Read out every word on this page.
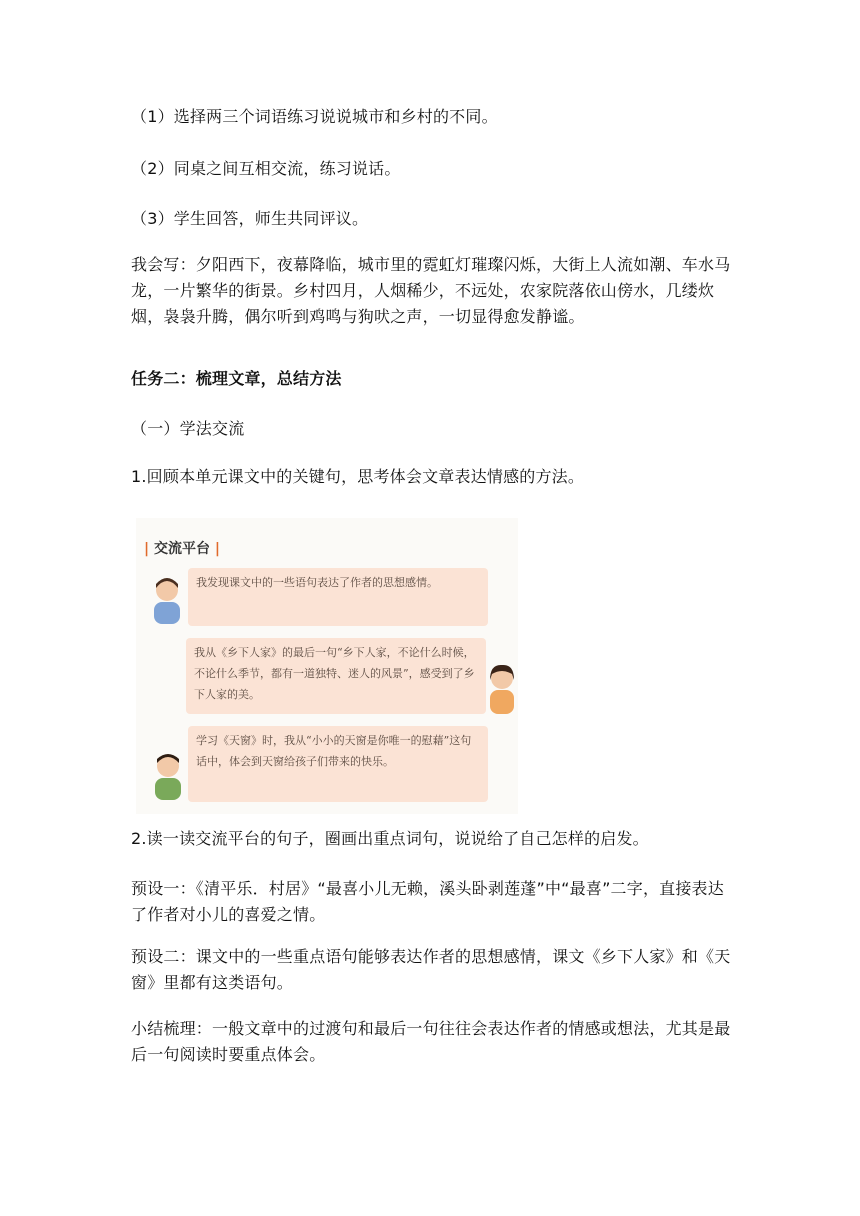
（1）选择两三个词语练习说说城市和乡村的不同。

（2）同桌之间互相交流，练习说话。

（3）学生回答，师生共同评议。

我会写：夕阳西下，夜幕降临，城市里的霓虹灯璀璨闪烁，大街上人流如潮、车水马龙，一片繁华的街景。乡村四月，人烟稀少，不远处，农家院落依山傍水，几缕炊烟，袅袅升腾，偶尔听到鸡鸣与狗吠之声，一切显得愈发静谧。

任务二：梳理文章，总结方法

（一）学法交流

1.回顾本单元课文中的关键句，思考体会文章表达情感的方法。

| 交流平台 |
我发现课文中的一些语句表达了作者的思想感情。
我从《乡下人家》的最后一句“乡下人家，不论什么时候，不论什么季节，都有一道独特、迷人的风景”，感受到了乡下人家的美。
学习《天窗》时，我从“小小的天窗是你唯一的慰藉”这句话中，体会到天窗给孩子们带来的快乐。

2.读一读交流平台的句子，圈画出重点词句，说说给了自己怎样的启发。

预设一：《清平乐．村居》“最喜小儿无赖，溪头卧剥莲蓬”中“最喜”二字，直接表达了作者对小儿的喜爱之情。

预设二：课文中的一些重点语句能够表达作者的思想感情，课文《乡下人家》和《天窗》里都有这类语句。

小结梳理：一般文章中的过渡句和最后一句往往会表达作者的情感或想法，尤其是最后一句阅读时要重点体会。
